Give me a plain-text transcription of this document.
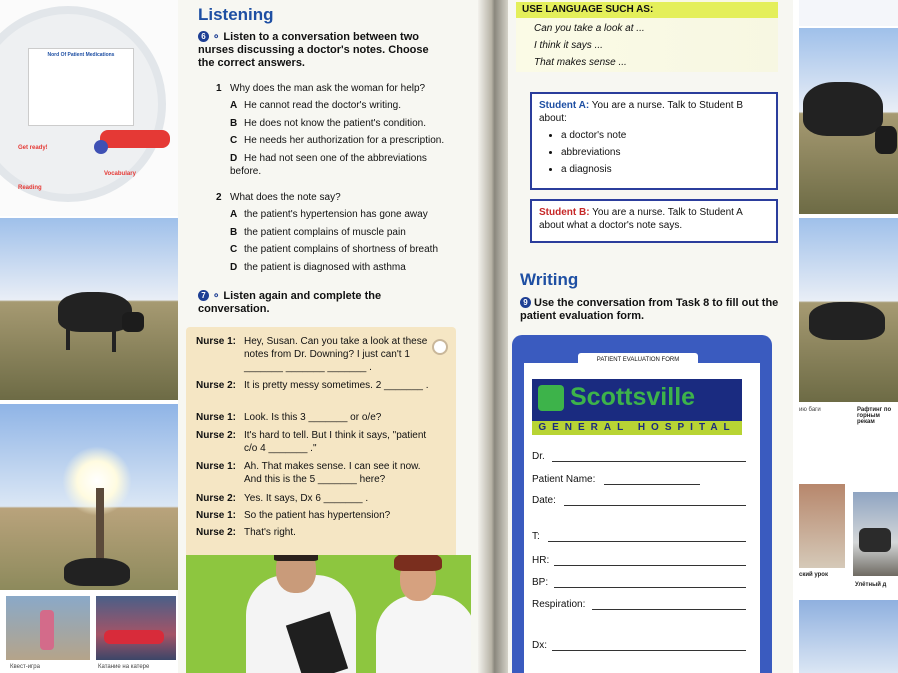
Nord Of Patient Medications
Get ready!
Reading
Vocabulary
Квест-игра	Катание на катере
Listening
6 ⚬ Listen to a conversation between two nurses discussing a doctor's notes. Choose the correct answers.
1 Why does the man ask the woman for help?
A He cannot read the doctor's writing.
B He does not know the patient's condition.
C He needs her authorization for a prescription.
D He had not seen one of the abbreviations before.
2 What does the note say?
A the patient's hypertension has gone away
B the patient complains of muscle pain
C the patient complains of shortness of breath
D the patient is diagnosed with asthma
7 ⚬ Listen again and complete the conversation.
Nurse 1: Hey, Susan. Can you take a look at these notes from Dr. Downing? I just can't 1 _______ _______ _______ .
Nurse 2: It is pretty messy sometimes. 2 _______ .
Nurse 1: Look. Is this 3 _______ or o/e?
Nurse 2: It's hard to tell. But I think it says, "patient c/o 4 _______ ."
Nurse 1: Ah. That makes sense. I can see it now. And this is the 5 _______ here?
Nurse 2: Yes. It says, Dx 6 _______ .
Nurse 1: So the patient has hypertension?
Nurse 2: That's right.
USE LANGUAGE SUCH AS:
Can you take a look at ...
I think it says ...
That makes sense ...
Student A: You are a nurse. Talk to Student B about:
• a doctor's note
• abbreviations
• a diagnosis
Student B: You are a nurse. Talk to Student A about what a doctor's note says.
Writing
9 Use the conversation from Task 8 to fill out the patient evaluation form.
PATIENT EVALUATION FORM
Scottsville
GENERAL HOSPITAL
Dr.
Patient Name:
Date:
T:
HR:
BP:
Respiration:
Dx:
ию баги	Рафтинг по горным рекам
ский урок
Улётный д
